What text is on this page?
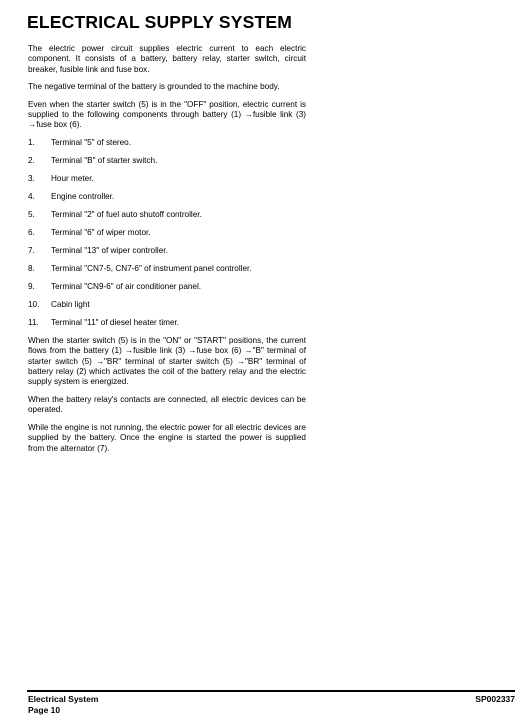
ELECTRICAL SUPPLY SYSTEM

The electric power circuit supplies electric current to each electric component. It consists of a battery, battery relay, starter switch, circuit breaker, fusible link and fuse box.

The negative terminal of the battery is grounded to the machine body.

Even when the starter switch (5) is in the "OFF" position, electric current is supplied to the following components through battery (1) →fusible link (3) →fuse box (6).

1.	Terminal "5" of stereo.
2.	Terminal "B" of starter switch.
3.	Hour meter.
4.	Engine controller.
5.	Terminal "2" of fuel auto shutoff controller.
6.	Terminal "6" of wiper motor.
7.	Terminal "13" of wiper controller.
8.	Terminal "CN7-5, CN7-6" of instrument panel controller.
9.	Terminal "CN9-6" of air conditioner panel.
10.	Cabin light
11.	Terminal "11" of diesel heater timer.

When the starter switch (5) is in the "ON" or "START" positions, the current flows from the battery (1) →fusible link (3) →fuse box (6) →"B" terminal of starter switch (5) →"BR" terminal of starter switch (5) →"BR" terminal of battery relay (2) which activates the coil of the battery relay and the electric supply system is energized.

When the battery relay's contacts are connected, all electric devices can be operated.

While the engine is not running, the electric power for all electric devices are supplied by the battery. Once the engine is started the power is supplied from the alternator (7).

Electrical System
Page 10
SP002337
